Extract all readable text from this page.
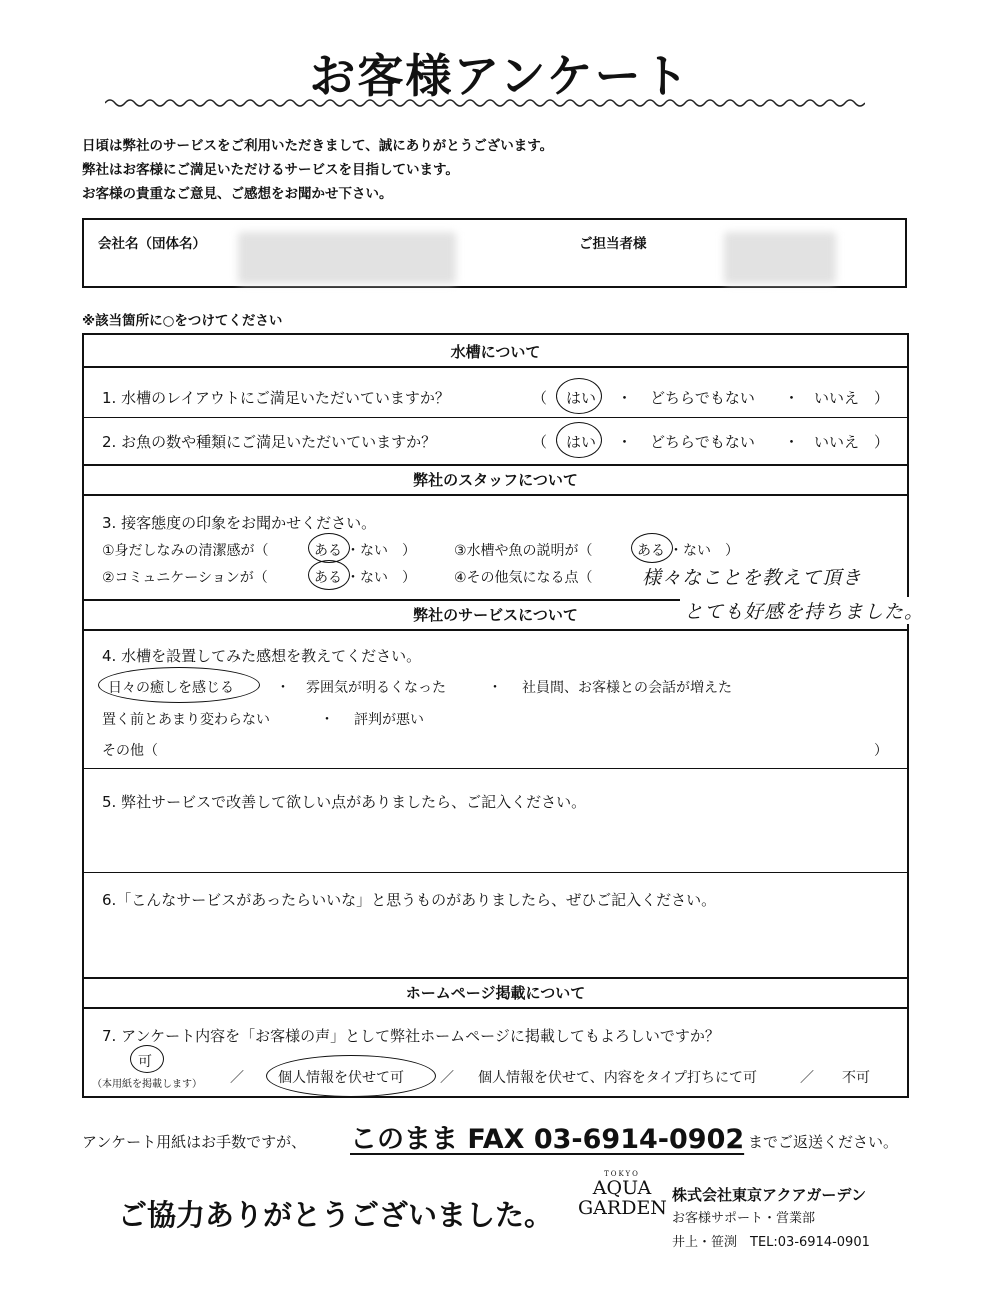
お客様アンケート
日頃は弊社のサービスをご利用いただきまして、誠にありがとうございます。
弊社はお客様にご満足いただけるサービスを目指しています。
お客様の貴重なご意見、ご感想をお聞かせ下さい。
会社名（団体名）	ご担当者様
※該当箇所に○をつけてください
水槽について
1. 水槽のレイアウトにご満足いただいていますか？	（ はい ・ どちらでもない ・ いいえ ）
2. お魚の数や種類にご満足いただいていますか？	（ はい ・ どちらでもない ・ いいえ ）
弊社のスタッフについて
3. 接客態度の印象をお聞かせください。
①身だしなみの清潔感が（	ある ・ない　）	③水槽や魚の説明が（	ある ・ない　）
②コミュニケーションが（	ある ・ない　）	④その他気になる点（	様々なことを教えて頂き
弊社のサービスについて	とても好感を持ちました。
4. 水槽を設置してみた感想を教えてください。
日々の癒しを感じる	・ 雰囲気が明るくなった	・ 社員間、お客様との会話が増えた
置く前とあまり変わらない	・ 評判が悪い
その他（	）
5. 弊社サービスで改善して欲しい点がありましたら、ご記入ください。
6.「こんなサービスがあったらいいな」と思うものがありましたら、ぜひご記入ください。
ホームページ掲載について
7. アンケート内容を「お客様の声」として弊社ホームページに掲載してもよろしいですか？
可
（本用紙を掲載します） ／ 個人情報を伏せて可	／ 個人情報を伏せて、内容をタイプ打ちにて可	／ 不可
アンケート用紙はお手数ですが、 このまま FAX 03-6914-0902 までご返送ください。
ご協力ありがとうございました。
TOKYO
AQUA
GARDEN
株式会社東京アクアガーデン
お客様サポート・営業部
井上・笹渕　TEL:03-6914-0901
